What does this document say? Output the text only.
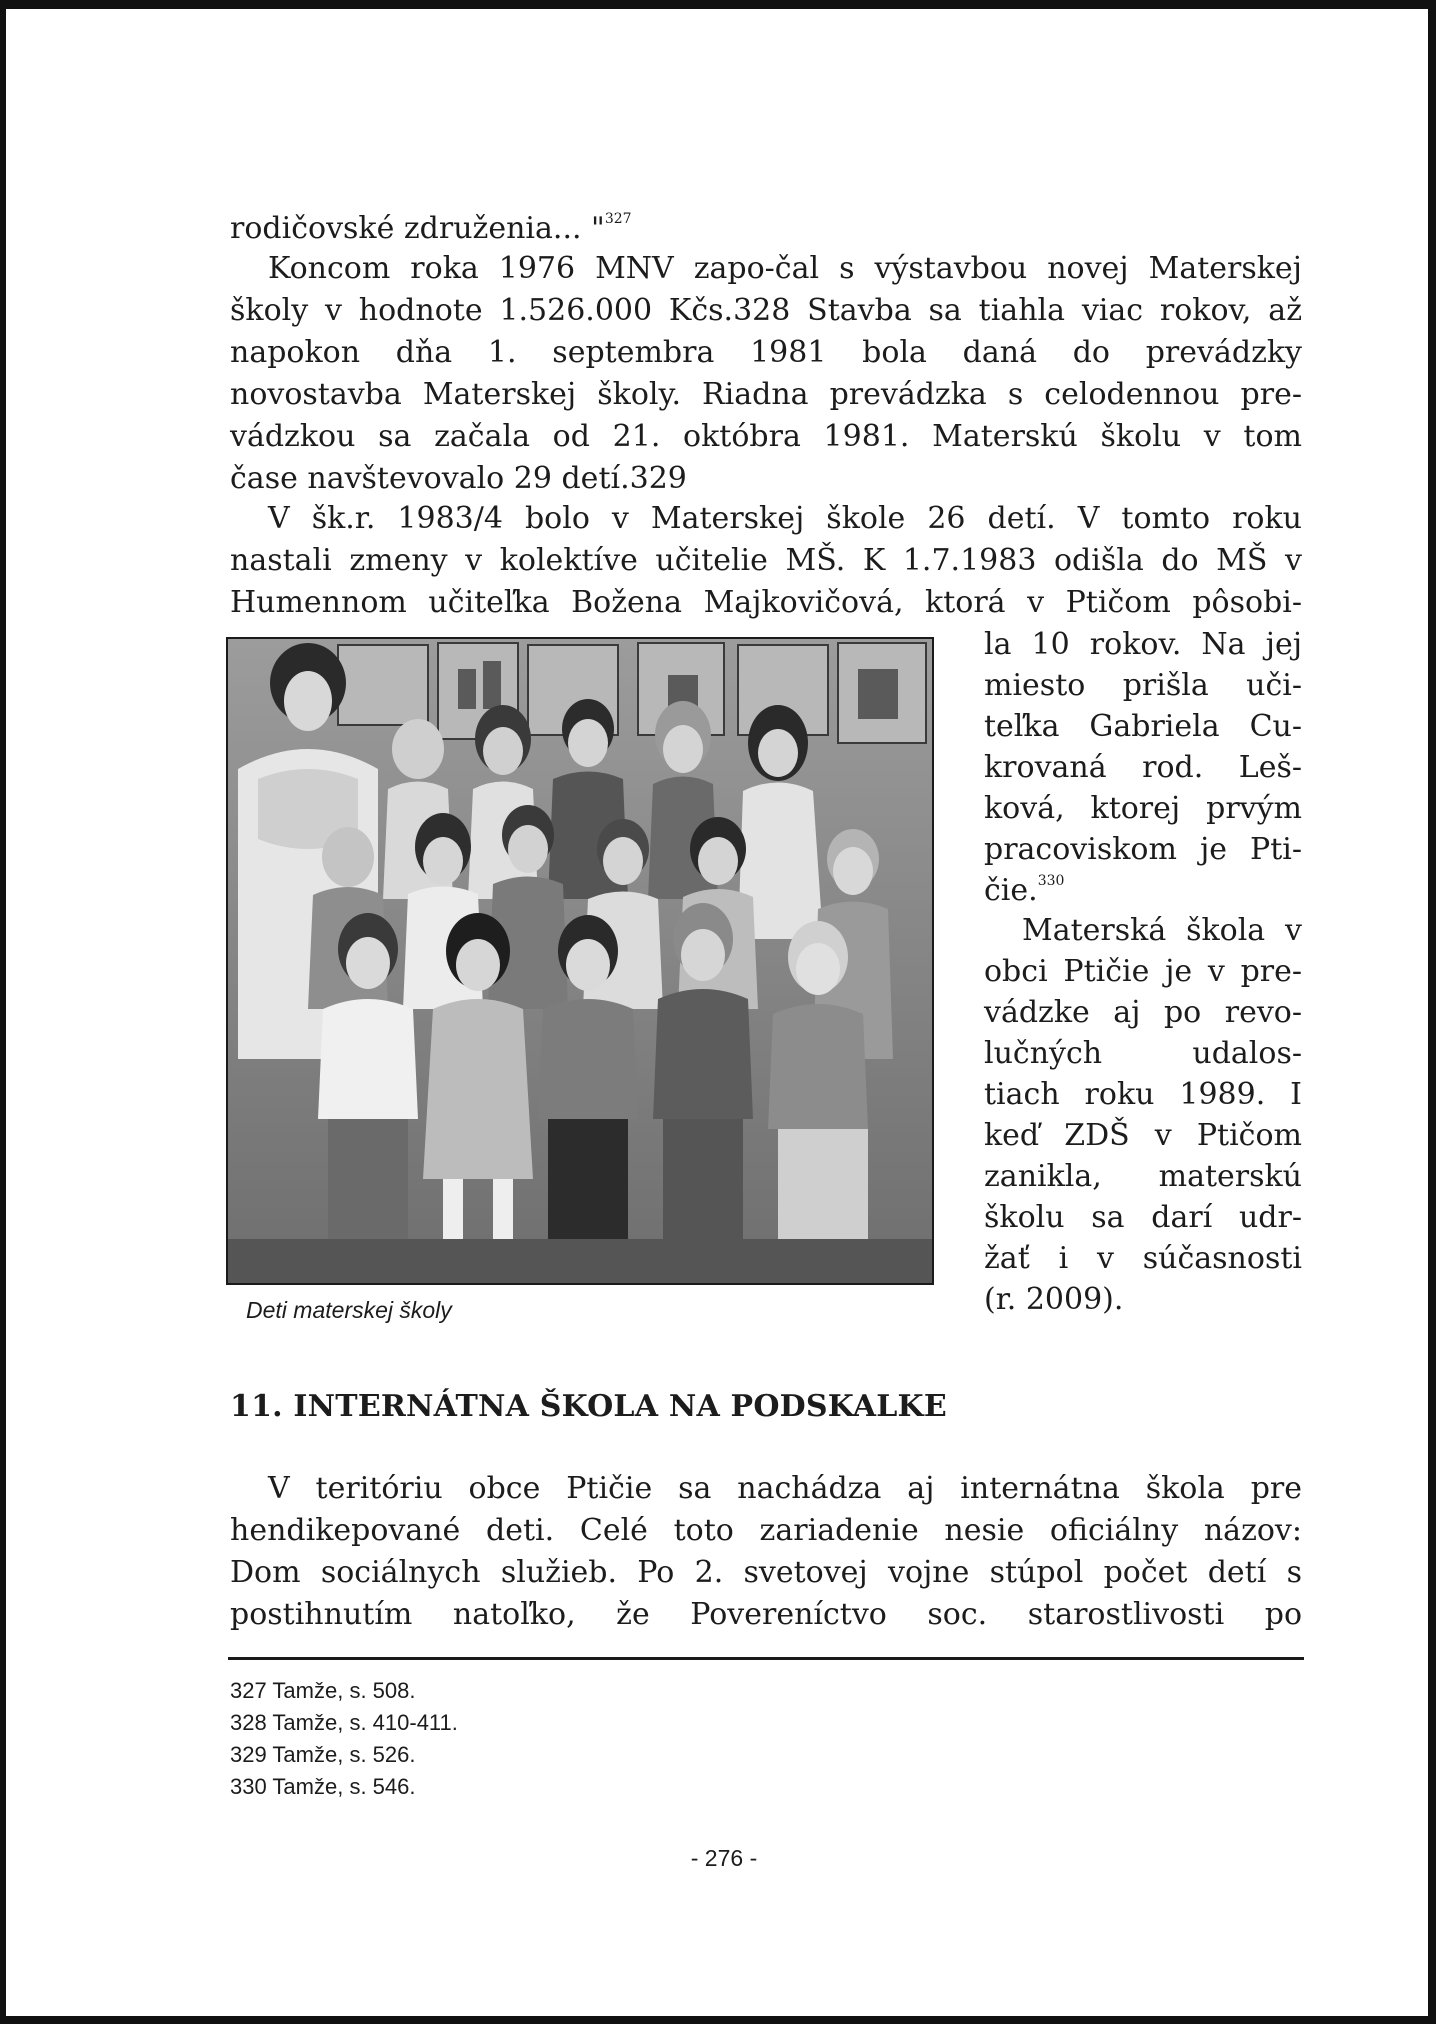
rodičovské združenia... "$^{327}$
Koncom roka 1976 MNV zapo-čal s výstavbou novej Materskej
školy v hodnote 1.526.000 Kčs.328 Stavba sa tiahla viac rokov, až
napokon dňa 1. septembra 1981 bola daná do prevádzky
novostavba Materskej školy. Riadna prevádzka s celodennou pre-
vádzkou sa začala od 21. októbra 1981. Materskú školu v tom
čase navštevovalo 29 detí.329
V šk.r. 1983/4 bolo v Materskej škole 26 detí. V tomto roku
nastali zmeny v kolektíve učitelie MŠ. K 1.7.1983 odišla do MŠ v
Humennom učiteľka Božena Majkovičová, ktorá v Ptičom pôsobi-
la 10 rokov. Na jej
miesto prišla uči-
teľka Gabriela Cu-
krovaná rod. Leš-
ková, ktorej prvým
pracoviskom je Pti-
čie.$^{330}$
Materská škola v
obci Ptičie je v pre-
vádzke aj po revo-
lučných udalos-
tiach roku 1989. I
keď ZDŠ v Ptičom
zanikla, materskú
školu sa darí udr-
žať i v súčasnosti
(r. 2009).
Deti materskej školy
11. INTERNÁTNA ŠKOLA NA PODSKALKE
V teritóriu obce Ptičie sa nachádza aj internátna škola pre
hendikepované deti. Celé toto zariadenie nesie oficiálny názov:
Dom sociálnych služieb. Po 2. svetovej vojne stúpol počet detí s
postihnutím natoľko, že Povereníctvo soc. starostlivosti po
327 Tamže, s. 508.
328 Tamže, s. 410-411.
329 Tamže, s. 526.
330 Tamže, s. 546.
- 276 -
